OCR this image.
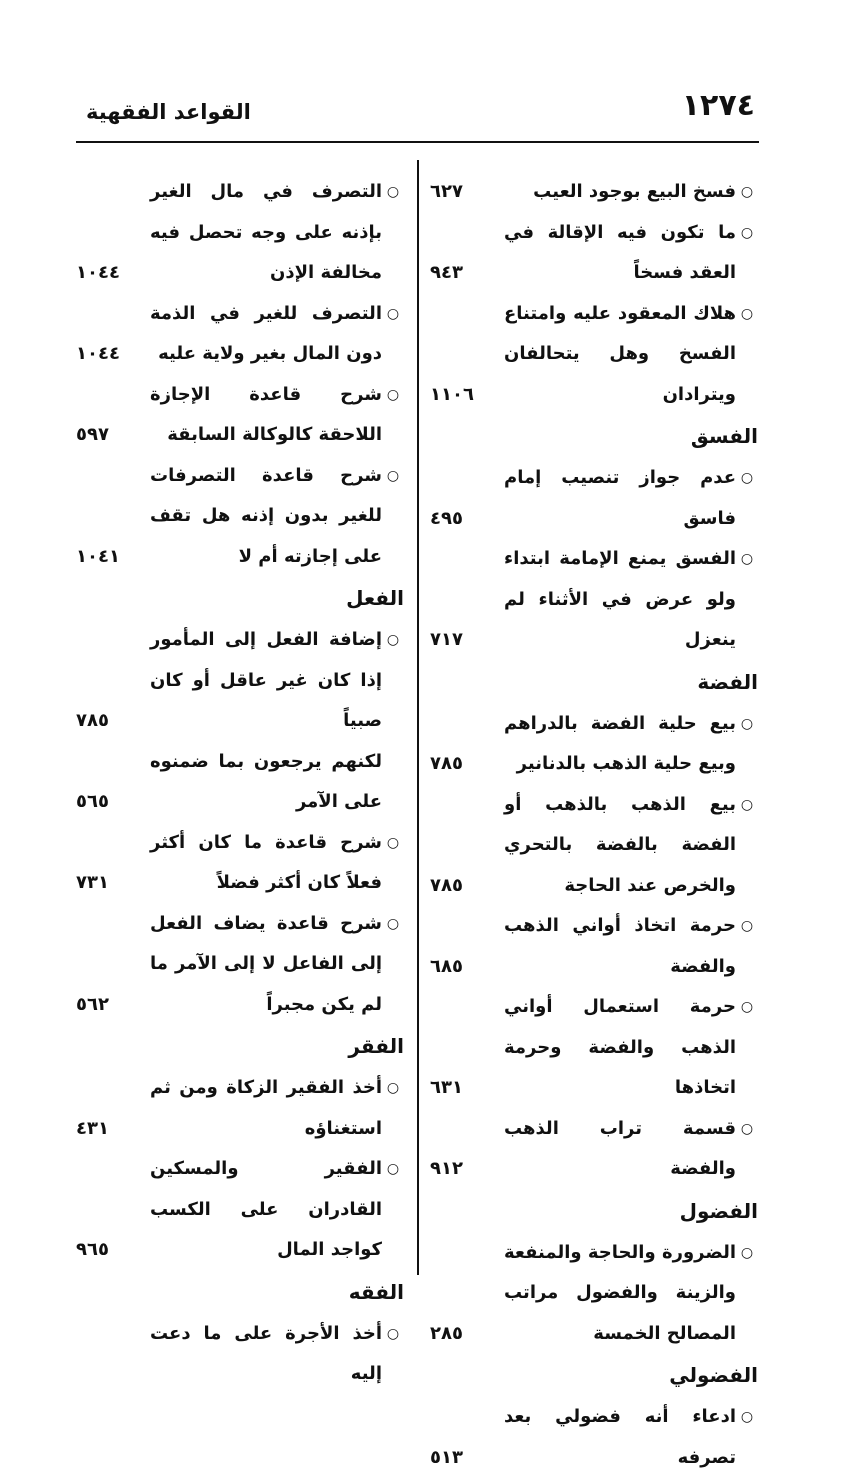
١٢٧٤
القواعد الفقهية
○
فسخ البيع بوجود العيب
٦٢٧
○
ما تكون فيه الإقالة في العقد فسخاً
٩٤٣
○
هلاك المعقود عليه وامتناع الفسخ وهل يتحالفان ويترادان
١١٠٦
الفسق
○
عدم جواز تنصيب إمام فاسق
٤٩٥
○
الفسق يمنع الإمامة ابتداء ولو عرض في الأثناء لم ينعزل
٧١٧
الفضة
○
بيع حلية الفضة بالدراهم وبيع حلية الذهب بالدنانير
٧٨٥
○
بيع الذهب بالذهب أو الفضة بالفضة بالتحري والخرص عند الحاجة
٧٨٥
○
حرمة اتخاذ أواني الذهب والفضة
٦٨٥
○
حرمة استعمال أواني الذهب والفضة وحرمة اتخاذها
٦٣١
○
قسمة تراب الذهب والفضة
٩١٢
الفضول
○
الضرورة والحاجة والمنفعة والزينة والفضول مراتب المصالح الخمسة
٢٨٥
الفضولي
○
ادعاء أنه فضولي بعد تصرفه
٥١٣
○
التصرف في مال الغير بإذنه على وجه تحصل فيه مخالفة الإذن
١٠٤٤
○
التصرف للغير في الذمة دون المال بغير ولاية عليه
١٠٤٤
○
شرح قاعدة الإجازة اللاحقة كالوكالة السابقة
٥٩٧
○
شرح قاعدة التصرفات للغير بدون إذنه هل تقف على إجازته أم لا
١٠٤١
الفعل
○
إضافة الفعل إلى المأمور إذا كان غير عاقل أو كان صبياً
٧٨٥
لكنهم يرجعون بما ضمنوه على الآمر
٥٦٥
○
شرح قاعدة ما كان أكثر فعلاً كان أكثر فضلاً
٧٣١
○
شرح قاعدة يضاف الفعل إلى الفاعل لا إلى الآمر ما لم يكن مجبراً
٥٦٢
الفقر
○
أخذ الفقير الزكاة ومن ثم استغناؤه
٤٣١
○
الفقير والمسكين القادران على الكسب كواجد المال
٩٦٥
الفقه
○
أخذ الأجرة على ما دعت إليه
